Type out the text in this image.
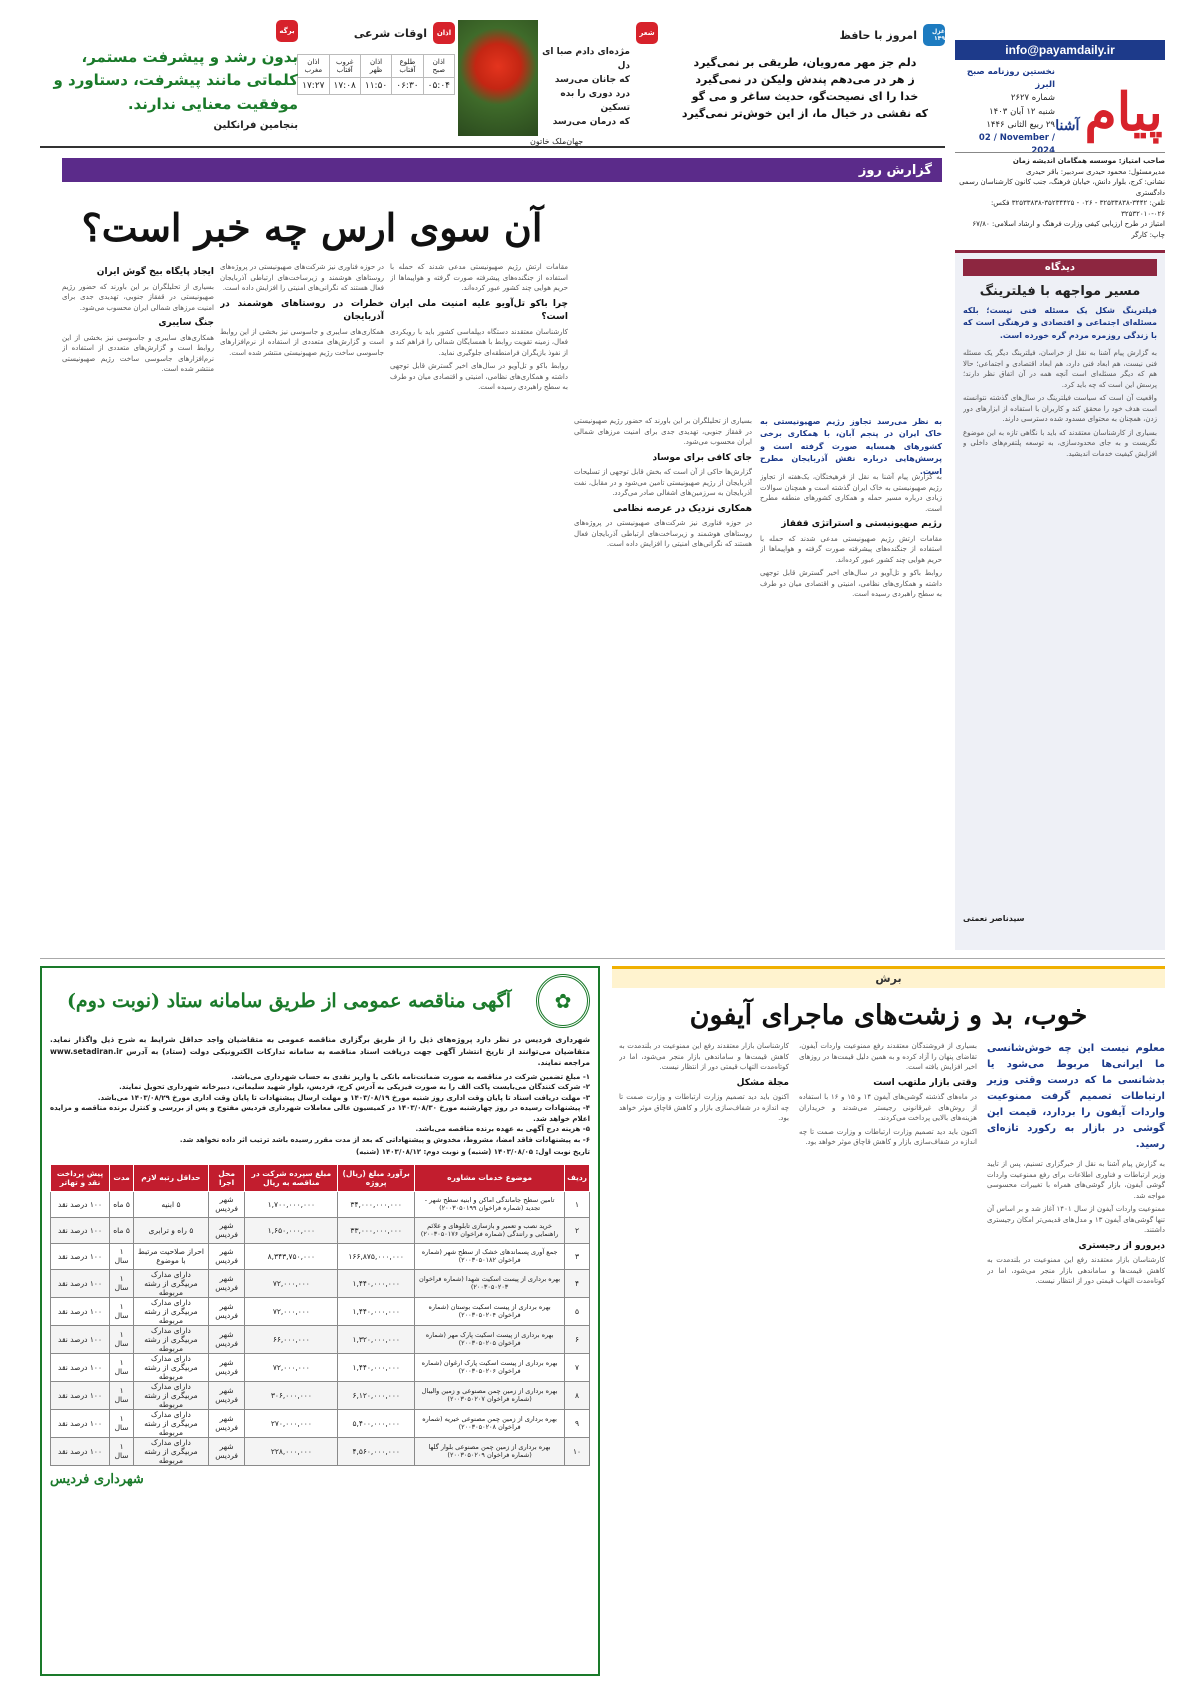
info@payamdaily.ir
پیام آشنا
نخستین روزنامه صبح البرز
شماره ۲۶۲۷
شنبه ۱۲ آبان ۱۴۰۳
۲۹ ربیع الثانی ۱۴۴۶
02 / November / 2024
صاحب امتیاز: موسسه همگامان اندیشه زمان
مدیرمسئول: محمود حیدری سردبیر: باقر حیدری
نشانی: کرج، بلوار دانش، خیابان فرهنگ، جنب کانون کارشناسان رسمی دادگستری
تلفن: ۳۴۴۲-۳۲۵۳۳۸۳۸ - ۰۲۶ - ۳۵۲۳۴۴۲۵-۳۲۵۳۳۸۳۸ فکس: ۰۲۶-۳۲۵۳۲۰۱۰
امتیاز در طرح ارزیابی کیفی وزارت فرهنگ و ارشاد اسلامی: ۶۷/۸۰
چاپ: کارگر
غزل ۱۴۹
امروز با حافظ
دلم جز مهر مه‌رویان، طریقی بر نمی‌گیرد
ز هر در می‌دهم پندش ولیکن در نمی‌گیرد
خدا را ای نصیحت‌گو، حدیث ساغر و می گو
که نقشی در خیال ما، از این خوش‌تر نمی‌گیرد
شعر
مژده‌ای دادم صبا ای دل
که جانان می‌رسد
درد دوری را بده تسکین
که درمان می‌رسد
جهان‌ملک خاتون
اذان
اوقات شرعی
اذان صبح	طلوع آفتاب	اذان ظهر	غروب آفتاب	اذان مغرب
۰۵:۰۴	۰۶:۳۰	۱۱:۵۰	۱۷:۰۸	۱۷:۲۷
برگه
بدون رشد و پیشرفت مستمر، کلماتی مانند پیشرفت، دستاورد و موفقیت معنایی ندارند.
بنجامین فرانکلین
دیدگاه
مسیر مواجهه با فیلترینگ
فیلترینگ شکل یک مسئله فنی نیست؛ بلکه مسئله‌ای اجتماعی و اقتصادی و فرهنگی است که با زندگی روزمره مردم گره خورده است.

به گزارش پیام آشنا به نقل از خراسان، فیلترینگ دیگر یک مسئله فنی نیست، هم ابعاد فنی دارد، هم ابعاد اقتصادی و اجتماعی؛ حالا هم که دیگر مسئله‌ای است آنچه همه در آن اتفاق نظر دارند؛ پرسش این است که چه باید کرد.

واقعیت آن است که سیاست فیلترینگ در سال‌های گذشته نتوانسته است هدف خود را محقق کند و کاربران با استفاده از ابزارهای دور زدن، همچنان به محتوای مسدود شده دسترسی دارند.

بسیاری از کارشناسان معتقدند که باید با نگاهی تازه به این موضوع نگریست و به جای محدودسازی، به توسعه پلتفرم‌های داخلی و افزایش کیفیت خدمات اندیشید.

سیدناصر نعمتی
گزارش روز
آن سوی ارس چه خبر است؟
به نظر می‌رسد تجاوز رژیم صهیونیستی به خاک ایران در پنجم آبان، با همکاری برخی کشورهای همسایه صورت گرفته است و پرسش‌هایی درباره نقش آذربایجان مطرح است.

به گزارش پیام آشنا به نقل از فرهیختگان، یک‌هفته از تجاوز رژیم صهیونیستی به خاک ایران گذشته است و همچنان سوالات زیادی درباره مسیر حمله و همکاری کشورهای منطقه مطرح است.

رژیم صهیونیستی و استراتژی قفقاز

مقامات ارتش رژیم صهیونیستی مدعی شدند که حمله با استفاده از جنگنده‌های پیشرفته صورت گرفته و هواپیماها از حریم هوایی چند کشور عبور کرده‌اند.

روابط باکو و تل‌آویو در سال‌های اخیر گسترش قابل توجهی داشته و همکاری‌های نظامی، امنیتی و اقتصادی میان دو طرف به سطح راهبردی رسیده است.

بسیاری از تحلیلگران بر این باورند که حضور رژیم صهیونیستی در قفقاز جنوبی، تهدیدی جدی برای امنیت مرزهای شمالی ایران محسوب می‌شود.

جای کافی برای موساد

گزارش‌ها حاکی از آن است که بخش قابل توجهی از تسلیحات آذربایجان از رژیم صهیونیستی تامین می‌شود و در مقابل، نفت آذربایجان به سرزمین‌های اشغالی صادر می‌گردد.

همکاری نزدیک در عرصه نظامی

در حوزه فناوری نیز شرکت‌های صهیونیستی در پروژه‌های روستاهای هوشمند و زیرساخت‌های ارتباطی آذربایجان فعال هستند که نگرانی‌های امنیتی را افزایش داده است.

مقامات ارتش رژیم صهیونیستی مدعی شدند که حمله با استفاده از جنگنده‌های پیشرفته صورت گرفته و هواپیماها از حریم هوایی چند کشور عبور کرده‌اند.

چرا باکو تل‌آویو علیه امنیت ملی ایران است؟

کارشناسان معتقدند دستگاه دیپلماسی کشور باید با رویکردی فعال، زمینه تقویت روابط با همسایگان شمالی را فراهم کند و از نفوذ بازیگران فرامنطقه‌ای جلوگیری نماید.

روابط باکو و تل‌آویو در سال‌های اخیر گسترش قابل توجهی داشته و همکاری‌های نظامی، امنیتی و اقتصادی میان دو طرف به سطح راهبردی رسیده است.

در حوزه فناوری نیز شرکت‌های صهیونیستی در پروژه‌های روستاهای هوشمند و زیرساخت‌های ارتباطی آذربایجان فعال هستند که نگرانی‌های امنیتی را افزایش داده است.

خطرات در روستاهای هوشمند در آذربایجان

همکاری‌های سایبری و جاسوسی نیز بخشی از این روابط است و گزارش‌های متعددی از استفاده از نرم‌افزارهای جاسوسی ساخت رژیم صهیونیستی منتشر شده است.

ایجاد پایگاه بیخ گوش ایران

بسیاری از تحلیلگران بر این باورند که حضور رژیم صهیونیستی در قفقاز جنوبی، تهدیدی جدی برای امنیت مرزهای شمالی ایران محسوب می‌شود.

جنگ سایبری

همکاری‌های سایبری و جاسوسی نیز بخشی از این روابط است و گزارش‌های متعددی از استفاده از نرم‌افزارهای جاسوسی ساخت رژیم صهیونیستی منتشر شده است.

✿
آگهی مناقصه عمومی از طریق سامانه ستاد (نوبت دوم)
شهرداری فردیس در نظر دارد پروژه‌های ذیل را از طریق برگزاری مناقصه عمومی به متقاضیان واجد حداقل شرایط به شرح ذیل واگذار نماید. متقاضیان می‌توانند از تاریخ انتشار آگهی جهت دریافت اسناد مناقصه به سامانه تدارکات الکترونیکی دولت (ستاد) به آدرس www.setadiran.ir مراجعه نمایند.
۱- مبلغ تضمین شرکت در مناقصه به صورت ضمانت‌نامه بانکی یا واریز نقدی به حساب شهرداری می‌باشد.
۲- شرکت کنندگان می‌بایست پاکت الف را به صورت فیزیکی به آدرس کرج، فردیس، بلوار شهید سلیمانی، دبیرخانه شهرداری تحویل نمایند.
۳- مهلت دریافت اسناد تا پایان وقت اداری روز شنبه مورخ ۱۴۰۳/۰۸/۱۹ و مهلت ارسال پیشنهادات تا پایان وقت اداری مورخ ۱۴۰۳/۰۸/۲۹ می‌باشد.
۴- پیشنهادات رسیده در روز چهارشنبه مورخ ۱۴۰۳/۰۸/۳۰ در کمیسیون عالی معاملات شهرداری فردیس مفتوح و پس از بررسی و کنترل برنده مناقصه و مزایده اعلام خواهد شد.
۵- هزینه درج آگهی به عهده برنده مناقصه می‌باشد.
۶- به پیشنهادات فاقد امضا، مشروط، مخدوش و پیشنهاداتی که بعد از مدت مقرر رسیده باشد ترتیب اثر داده نخواهد شد.
تاریخ نوبت اول: ۱۴۰۳/۰۸/۰۵ (شنبه) و نوبت دوم: ۱۴۰۳/۰۸/۱۲ (شنبه)
ردیف	موضوع خدمات مشاوره	برآورد مبلغ (ریال) پروژه	مبلغ سپرده شرکت در مناقصه به ریال	محل اجرا	حداقل رتبه لازم	مدت	پیش پرداخت نقد و تهاتر
۱	تامین سطح جاماندگی اماکن و ابنیه سطح شهر - تجدید (شماره فراخوان ۲۰۰۳۰۵۰۱۹۹)	۳۴,۰۰۰,۰۰۰,۰۰۰	۱,۷۰۰,۰۰۰,۰۰۰	شهر فردیس	۵ ابنیه	۵ ماه	۱۰۰ درصد نقد
۲	خرید نصب و تعمیر و بازسازی تابلوهای و علائم راهنمایی و رانندگی (شماره فراخوان ۲۰۰۳۰۵۰۱۷۶)	۳۳,۰۰۰,۰۰۰,۰۰۰	۱,۶۵۰,۰۰۰,۰۰۰	شهر فردیس	۵ راه و ترابری	۵ ماه	۱۰۰ درصد نقد
۳	جمع آوری پسماندهای خشک از سطح شهر (شماره فراخوان ۲۰۰۳۰۵۰۱۸۲)	۱۶۶,۸۷۵,۰۰۰,۰۰۰	۸,۳۴۳,۷۵۰,۰۰۰	شهر فردیس	احراز صلاحیت مرتبط با موضوع	۱ سال	۱۰۰ درصد نقد
۴	بهره برداری از پیست اسکیت شهدا (شماره فراخوان ۲۰۰۳۰۵۰۲۰۳)	۱,۴۴۰,۰۰۰,۰۰۰	۷۲,۰۰۰,۰۰۰	شهر فردیس	دارای مدارک مربیگری از رشته مربوطه	۱ سال	۱۰۰ درصد نقد
۵	بهره برداری از پیست اسکیت بوستان (شماره فراخوان ۲۰۰۳۰۵۰۲۰۴)	۱,۴۴۰,۰۰۰,۰۰۰	۷۲,۰۰۰,۰۰۰	شهر فردیس	دارای مدارک مربیگری از رشته مربوطه	۱ سال	۱۰۰ درصد نقد
۶	بهره برداری از پیست اسکیت پارک مهر (شماره فراخوان ۲۰۰۳۰۵۰۲۰۵)	۱,۳۲۰,۰۰۰,۰۰۰	۶۶,۰۰۰,۰۰۰	شهر فردیس	دارای مدارک مربیگری از رشته مربوطه	۱ سال	۱۰۰ درصد نقد
۷	بهره برداری از پیست اسکیت پارک ارغوان (شماره فراخوان ۲۰۰۳۰۵۰۲۰۶)	۱,۴۴۰,۰۰۰,۰۰۰	۷۲,۰۰۰,۰۰۰	شهر فردیس	دارای مدارک مربیگری از رشته مربوطه	۱ سال	۱۰۰ درصد نقد
۸	بهره برداری از زمین چمن مصنوعی و زمین والیبال (شماره فراخوان ۲۰۰۳۰۵۰۲۰۷)	۶,۱۲۰,۰۰۰,۰۰۰	۳۰۶,۰۰۰,۰۰۰	شهر فردیس	دارای مدارک مربیگری از رشته مربوطه	۱ سال	۱۰۰ درصد نقد
۹	بهره برداری از زمین چمن مصنوعی خیریه (شماره فراخوان ۲۰۰۳۰۵۰۲۰۸)	۵,۴۰۰,۰۰۰,۰۰۰	۲۷۰,۰۰۰,۰۰۰	شهر فردیس	دارای مدارک مربیگری از رشته مربوطه	۱ سال	۱۰۰ درصد نقد
۱۰	بهره برداری از زمین چمن مصنوعی بلوار گلها (شماره فراخوان ۲۰۰۳۰۵۰۲۰۹)	۴,۵۶۰,۰۰۰,۰۰۰	۲۲۸,۰۰۰,۰۰۰	شهر فردیس	دارای مدارک مربیگری از رشته مربوطه	۱ سال	۱۰۰ درصد نقد
شهرداری فردیس
برش
خوب، بد و زشت‌های ماجرای آیفون
معلوم نیست این چه خوش‌شانسی ما ایرانی‌ها مربوط می‌شود یا بدشانسی ما که درست وقتی وزیر ارتباطات تصمیم گرفت ممنوعیت واردات آیفون را بردارد، قیمت این گوشی در بازار به رکورد تازه‌ای رسید.

به گزارش پیام آشنا به نقل از خبرگزاری تسنیم، پس از تایید وزیر ارتباطات و فناوری اطلاعات برای رفع ممنوعیت واردات گوشی آیفون، بازار گوشی‌های همراه با تغییرات محسوسی مواجه شد.

ممنوعیت واردات آیفون از سال ۱۴۰۱ آغاز شد و بر اساس آن تنها گوشی‌های آیفون ۱۳ و مدل‌های قدیمی‌تر امکان رجیستری داشتند.

دیرورو از رجیستری

کارشناسان بازار معتقدند رفع این ممنوعیت در بلندمدت به کاهش قیمت‌ها و ساماندهی بازار منجر می‌شود، اما در کوتاه‌مدت التهاب قیمتی دور از انتظار نیست.

بسیاری از فروشندگان معتقدند رفع ممنوعیت واردات آیفون، تقاضای پنهان را آزاد کرده و به همین دلیل قیمت‌ها در روزهای اخیر افزایش یافته است.

وقتی بازار ملتهب است

در ماه‌های گذشته گوشی‌های آیفون ۱۴ و ۱۵ و ۱۶ با استفاده از روش‌های غیرقانونی رجیستر می‌شدند و خریداران هزینه‌های بالایی پرداخت می‌کردند.

اکنون باید دید تصمیم وزارت ارتباطات و وزارت صمت تا چه اندازه در شفاف‌سازی بازار و کاهش قاچاق موثر خواهد بود.

کارشناسان بازار معتقدند رفع این ممنوعیت در بلندمدت به کاهش قیمت‌ها و ساماندهی بازار منجر می‌شود، اما در کوتاه‌مدت التهاب قیمتی دور از انتظار نیست.

مجلة مشکل

اکنون باید دید تصمیم وزارت ارتباطات و وزارت صمت تا چه اندازه در شفاف‌سازی بازار و کاهش قاچاق موثر خواهد بود.
